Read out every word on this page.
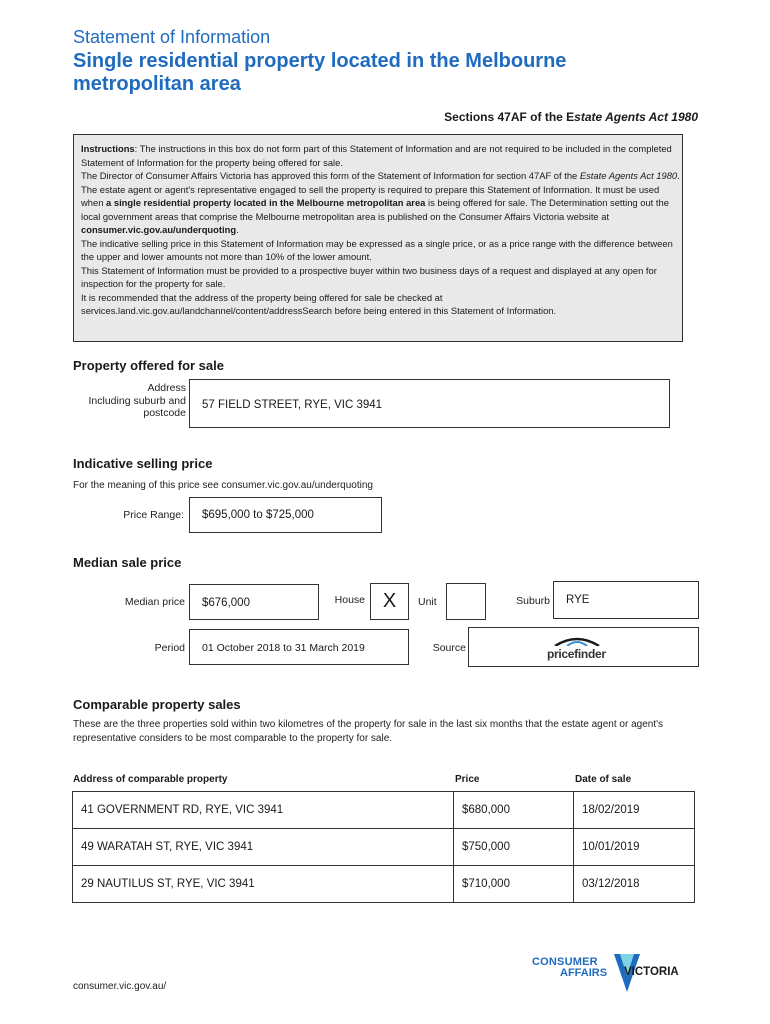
Statement of Information
Single residential property located in the Melbourne metropolitan area
Sections 47AF of the Estate Agents Act 1980

Instructions: The instructions in this box do not form part of this Statement of Information and are not required to be included in the completed Statement of Information for the property being offered for sale.

The Director of Consumer Affairs Victoria has approved this form of the Statement of Information for section 47AF of the Estate Agents Act 1980.

The estate agent or agent's representative engaged to sell the property is required to prepare this Statement of Information. It must be used when a single residential property located in the Melbourne metropolitan area is being offered for sale. The Determination setting out the local government areas that comprise the Melbourne metropolitan area is published on the Consumer Affairs Victoria website at consumer.vic.gov.au/underquoting.

The indicative selling price in this Statement of Information may be expressed as a single price, or as a price range with the difference between the upper and lower amounts not more than 10% of the lower amount.

This Statement of Information must be provided to a prospective buyer within two business days of a request and displayed at any open for inspection for the property for sale.

It is recommended that the address of the property being offered for sale be checked at services.land.vic.gov.au/landchannel/content/addressSearch before being entered in this Statement of Information.

Property offered for sale
Address
Including suburb and
postcode
57 FIELD STREET, RYE, VIC 3941
Indicative selling price
For the meaning of this price see consumer.vic.gov.au/underquoting
Price Range: $695,000 to $725,000
Median sale price
Median price $676,000	House X	Unit	Suburb RYE
Period 01 October 2018 to 31 March 2019	Source	pricefinder
Comparable property sales
These are the three properties sold within two kilometres of the property for sale in the last six months that the estate agent or agent's representative considers to be most comparable to the property for sale.
Address of comparable property	Price	Date of sale
41 GOVERNMENT RD, RYE, VIC 3941	$680,000	18/02/2019
49 WARATAH ST, RYE, VIC 3941	$750,000	10/01/2019
29 NAUTILUS ST, RYE, VIC 3941	$710,000	03/12/2018
consumer.vic.gov.au/
CONSUMER
AFFAIRS VICTORIA
